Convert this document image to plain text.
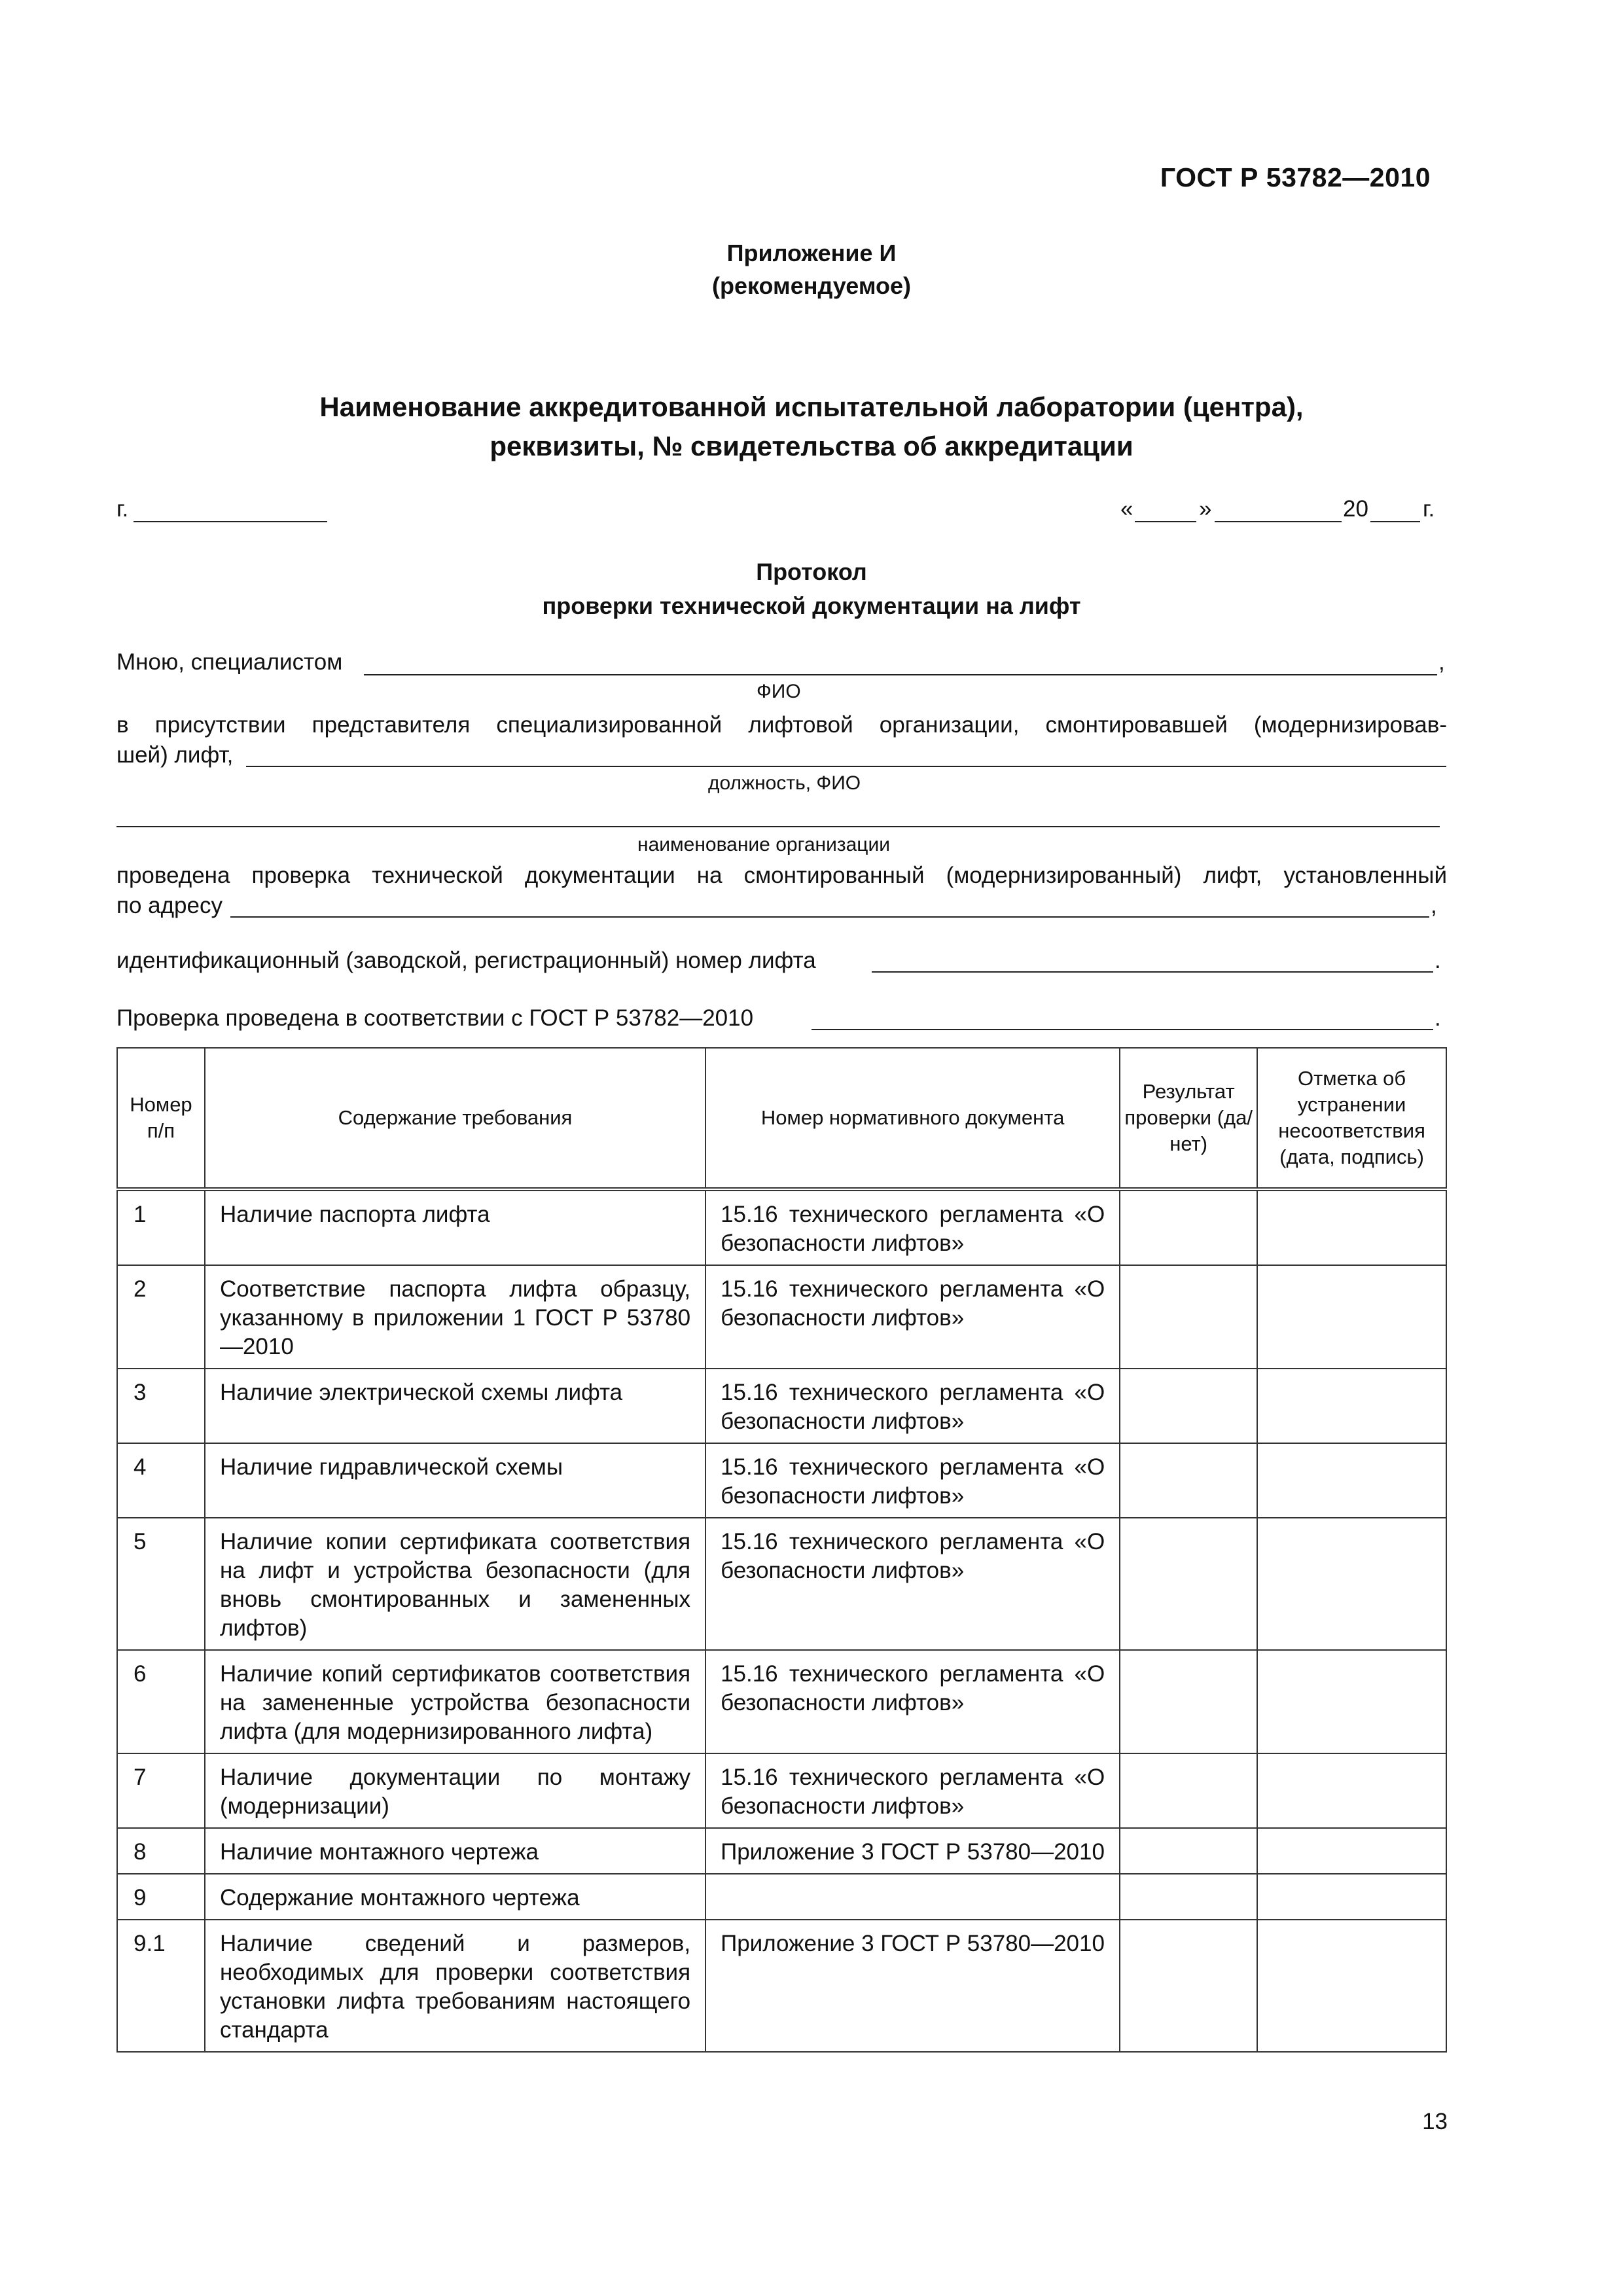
ГОСТ Р 53782—2010
Приложение И
(рекомендуемое)
Наименование аккредитованной испытательной лаборатории (центра),
реквизиты, № свидетельства об аккредитации
г.	«	»	20 г.
Протокол
проверки технической документации на лифт
Мною, специалистом	,
ФИО
в присутствии представителя специализированной лифтовой организации, смонтировавшей (модернизировав-
шей) лифт,
должность, ФИО
наименование организации
проведена проверка технической документации на смонтированный (модернизированный) лифт, установленный
по адресу	,
идентификационный (заводской, регистрационный) номер лифта	.
Проверка проведена в соответствии с ГОСТ Р 53782—2010	.
Номер п/п	Содержание требования	Номер нормативного документа	Результат проверки (да/нет)	Отметка об устранении несоответствия (дата, подпись)
1	Наличие паспорта лифта	15.16 технического регламента «О безопасности лифтов»		
2	Соответствие паспорта лифта образцу, указанному в приложении 1 ГОСТ Р 53780—2010	15.16 технического регламента «О безопасности лифтов»		
3	Наличие электрической схемы лифта	15.16 технического регламента «О безопасности лифтов»		
4	Наличие гидравлической схемы	15.16 технического регламента «О безопасности лифтов»		
5	Наличие копии сертификата соответствия на лифт и устройства безопасности (для вновь смонтированных и замененных лифтов)	15.16 технического регламента «О безопасности лифтов»		
6	Наличие копий сертификатов соответствия на замененные устройства безопасности лифта (для модернизированного лифта)	15.16 технического регламента «О безопасности лифтов»		
7	Наличие документации по монтажу (модернизации)	15.16 технического регламента «О безопасности лифтов»		
8	Наличие монтажного чертежа	Приложение 3 ГОСТ Р 53780—2010		
9	Содержание монтажного чертежа			
9.1	Наличие сведений и размеров, необходимых для проверки соответствия установки лифта требованиям настоящего стандарта	Приложение 3 ГОСТ Р 53780—2010		
13
